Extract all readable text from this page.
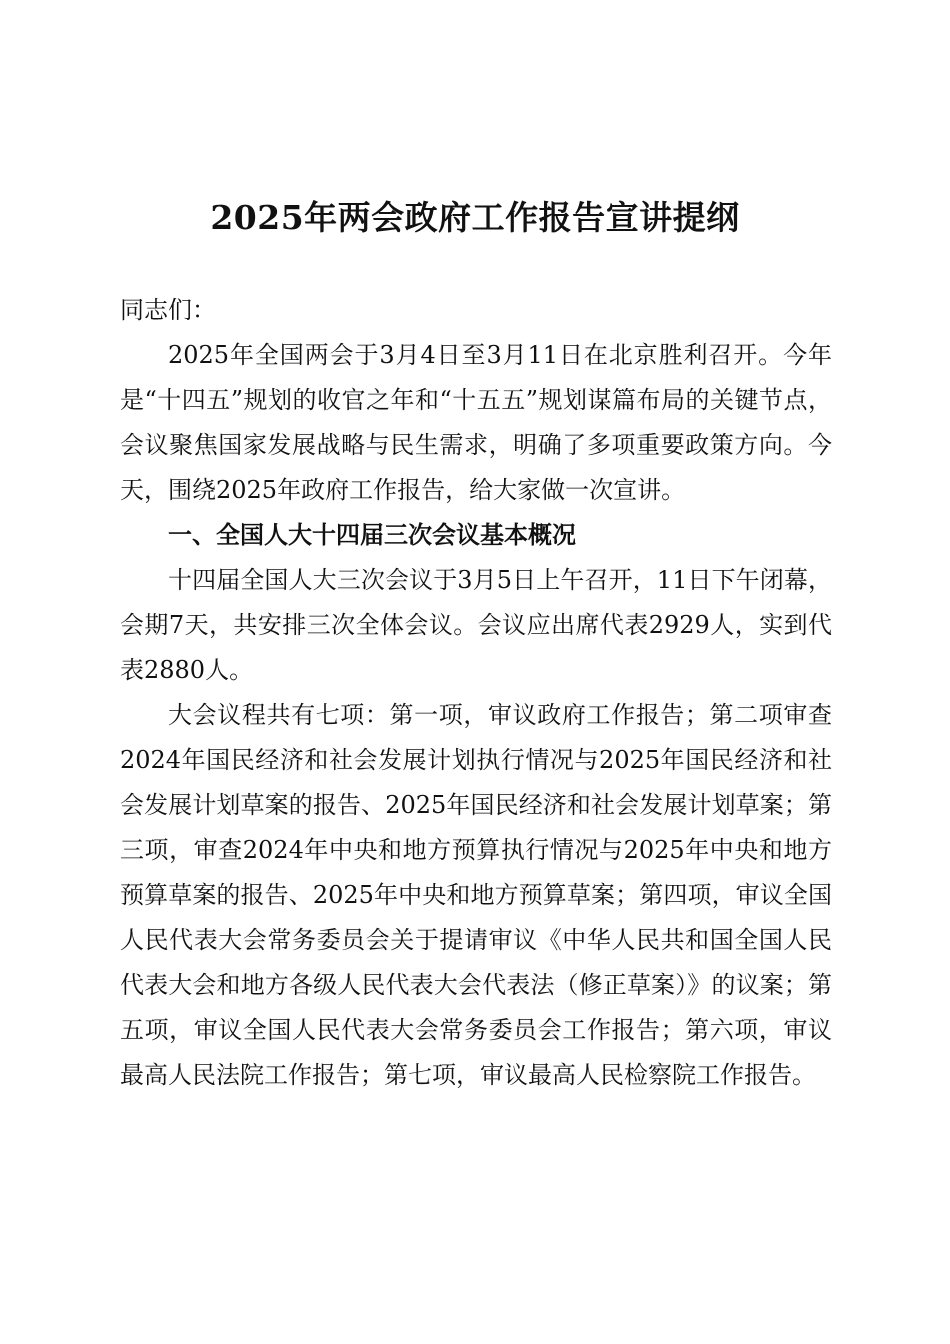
2025年两会政府工作报告宣讲提纲

同志们：

2025年全国两会于3月4日至3月11日在北京胜利召开。今年是“十四五”规划的收官之年和“十五五”规划谋篇布局的关键节点，会议聚焦国家发展战略与民生需求，明确了多项重要政策方向。今天，围绕2025年政府工作报告，给大家做一次宣讲。

一、全国人大十四届三次会议基本概况

十四届全国人大三次会议于3月5日上午召开，11日下午闭幕，会期7天，共安排三次全体会议。会议应出席代表2929人，实到代表2880人。

大会议程共有七项：第一项，审议政府工作报告；第二项审查2024年国民经济和社会发展计划执行情况与2025年国民经济和社会发展计划草案的报告、2025年国民经济和社会发展计划草案；第三项，审查2024年中央和地方预算执行情况与2025年中央和地方预算草案的报告、2025年中央和地方预算草案；第四项，审议全国人民代表大会常务委员会关于提请审议《中华人民共和国全国人民代表大会和地方各级人民代表大会代表法（修正草案）》的议案；第五项，审议全国人民代表大会常务委员会工作报告；第六项，审议最高人民法院工作报告；第七项，审议最高人民检察院工作报告。
